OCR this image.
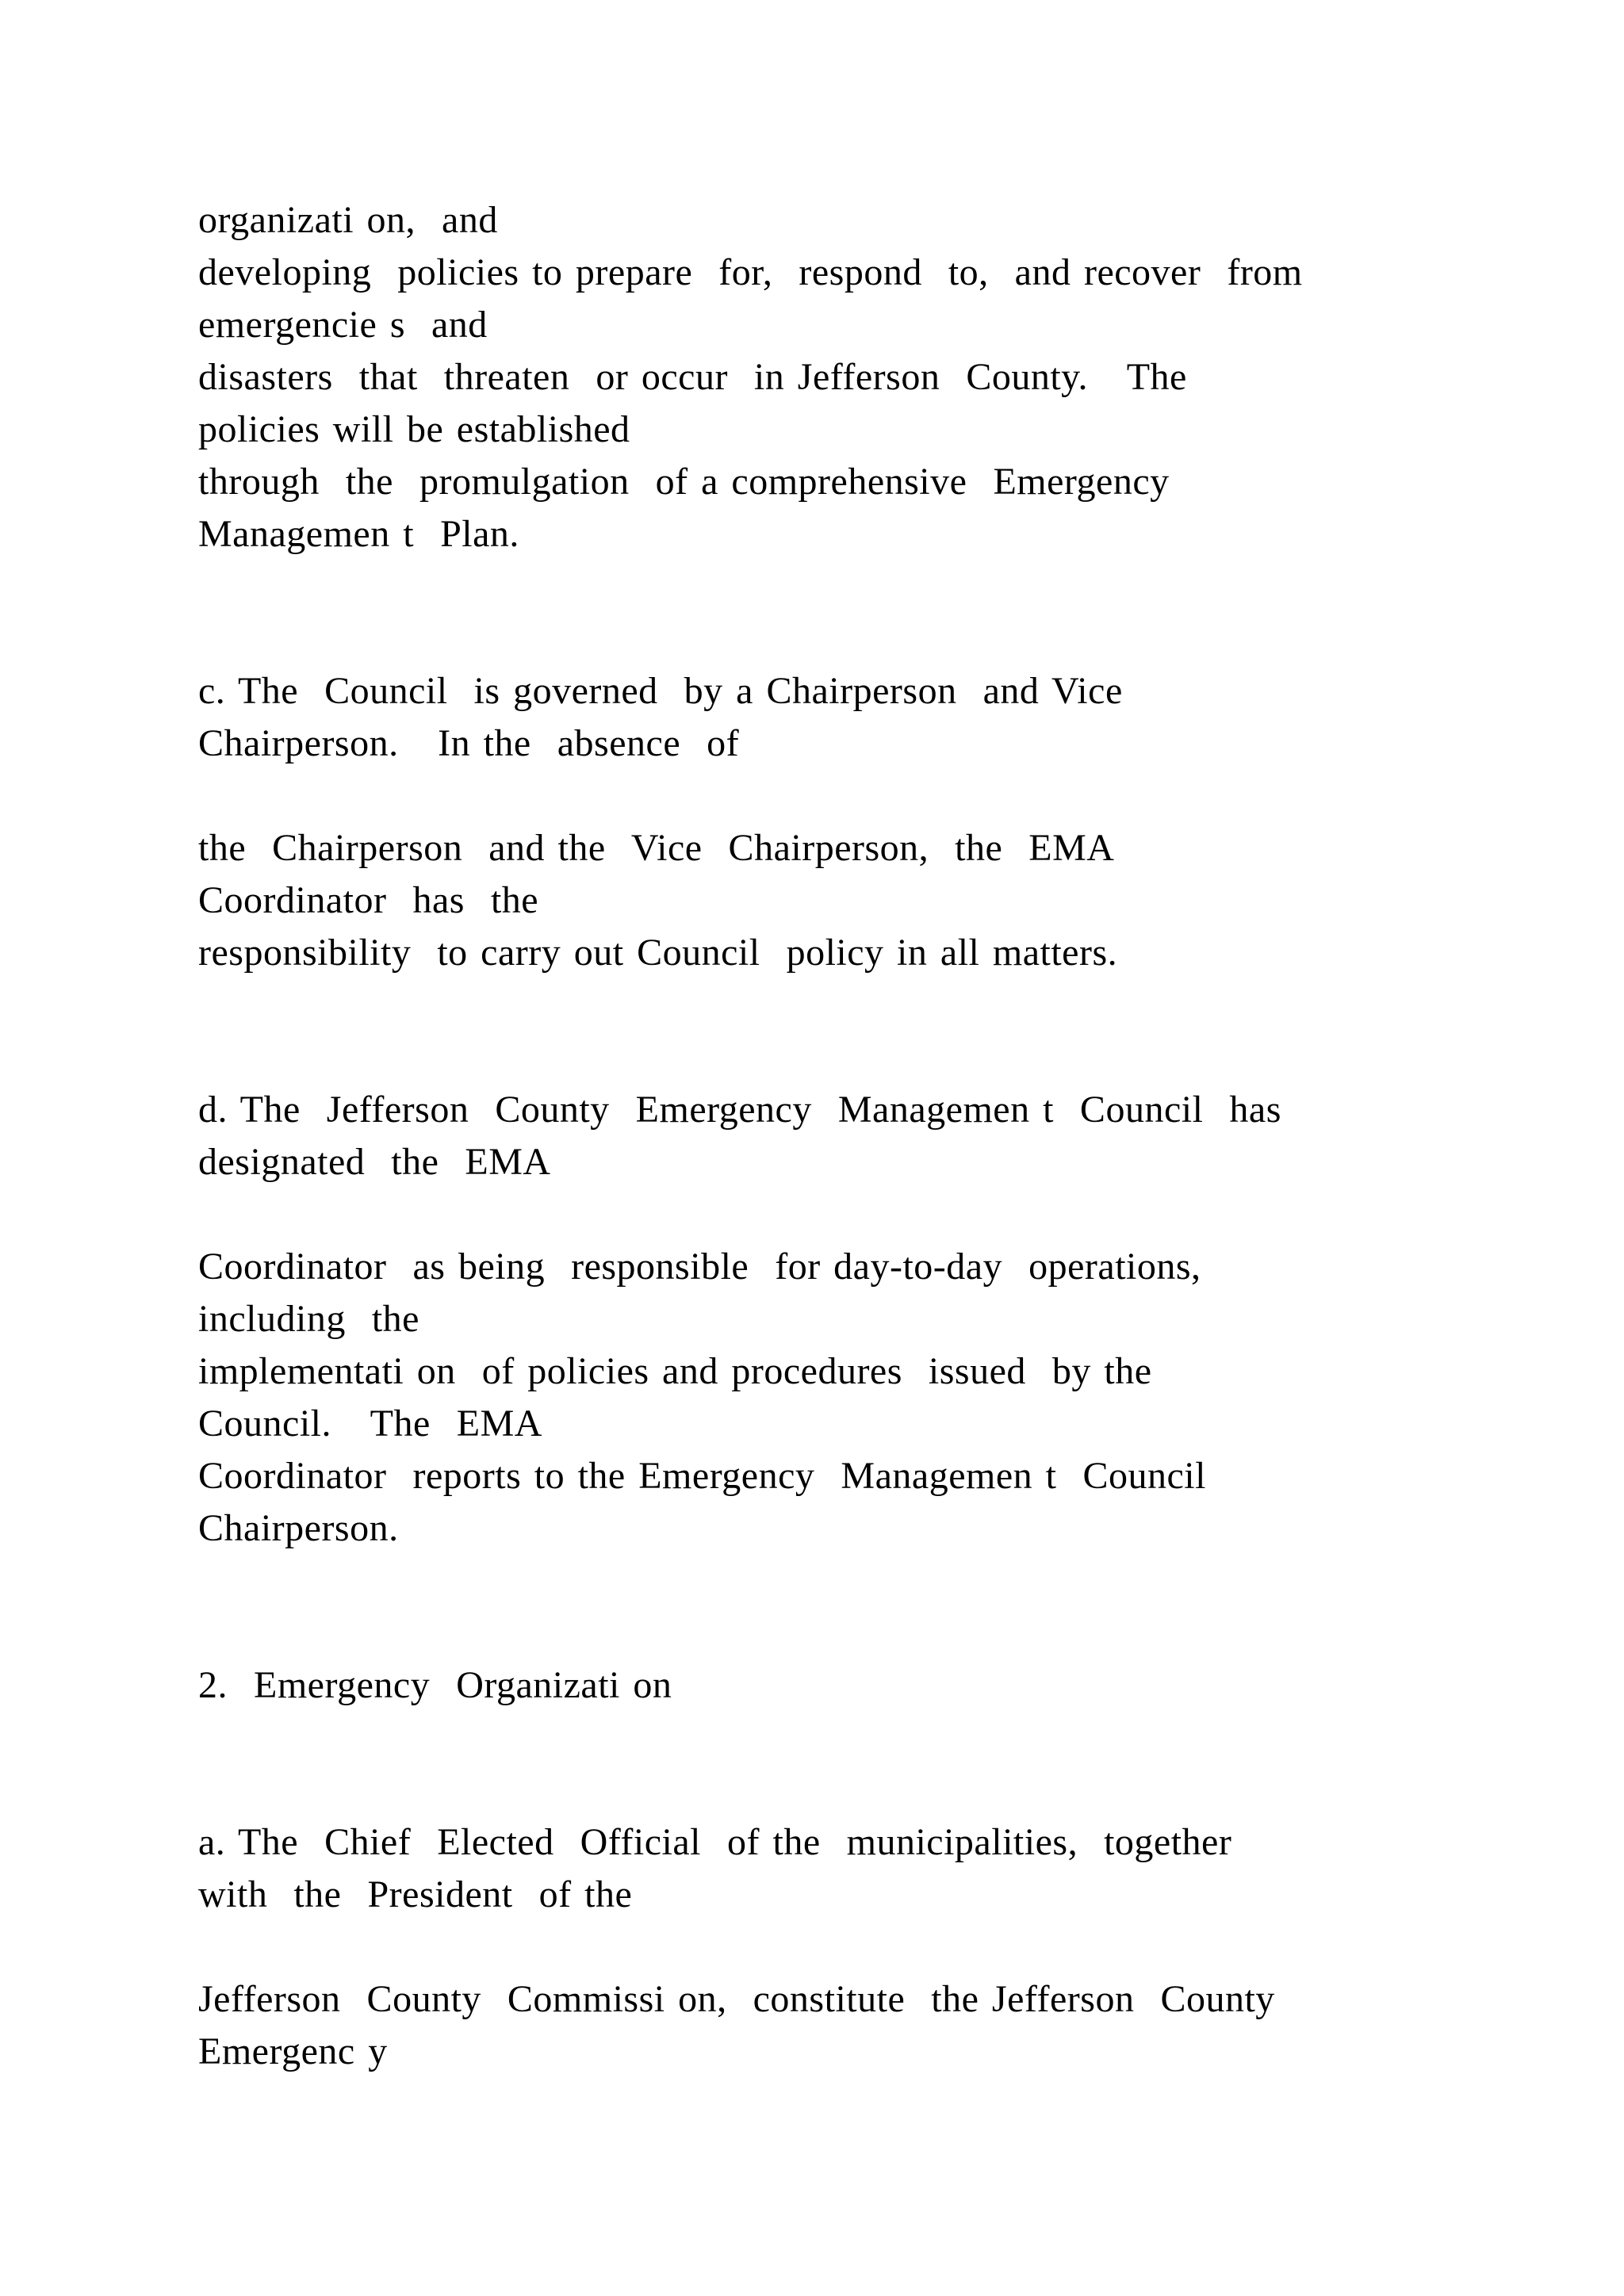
organizati on,  and

developing  policies to prepare  for,  respond  to,  and recover  from

emergencie s  and

disasters  that  threaten  or occur  in Jefferson  County.   The

policies will be established

through  the  promulgation  of a comprehensive  Emergency

Managemen t  Plan.

c. The  Council  is governed  by a Chairperson  and Vice

Chairperson.   In the  absence  of

the  Chairperson  and the  Vice  Chairperson,  the  EMA

Coordinator  has  the

responsibility  to carry out Council  policy in all matters.

d. The  Jefferson  County  Emergency  Managemen t  Council  has

designated  the  EMA

Coordinator  as being  responsible  for day-to-day  operations,

including  the

implementati on  of policies and procedures  issued  by the

Council.   The  EMA

Coordinator  reports to the Emergency  Managemen t  Council

Chairperson.

2.  Emergency  Organizati on

a. The  Chief  Elected  Official  of the  municipalities,  together

with  the  President  of the

Jefferson  County  Commissi on,  constitute  the Jefferson  County

Emergenc y
